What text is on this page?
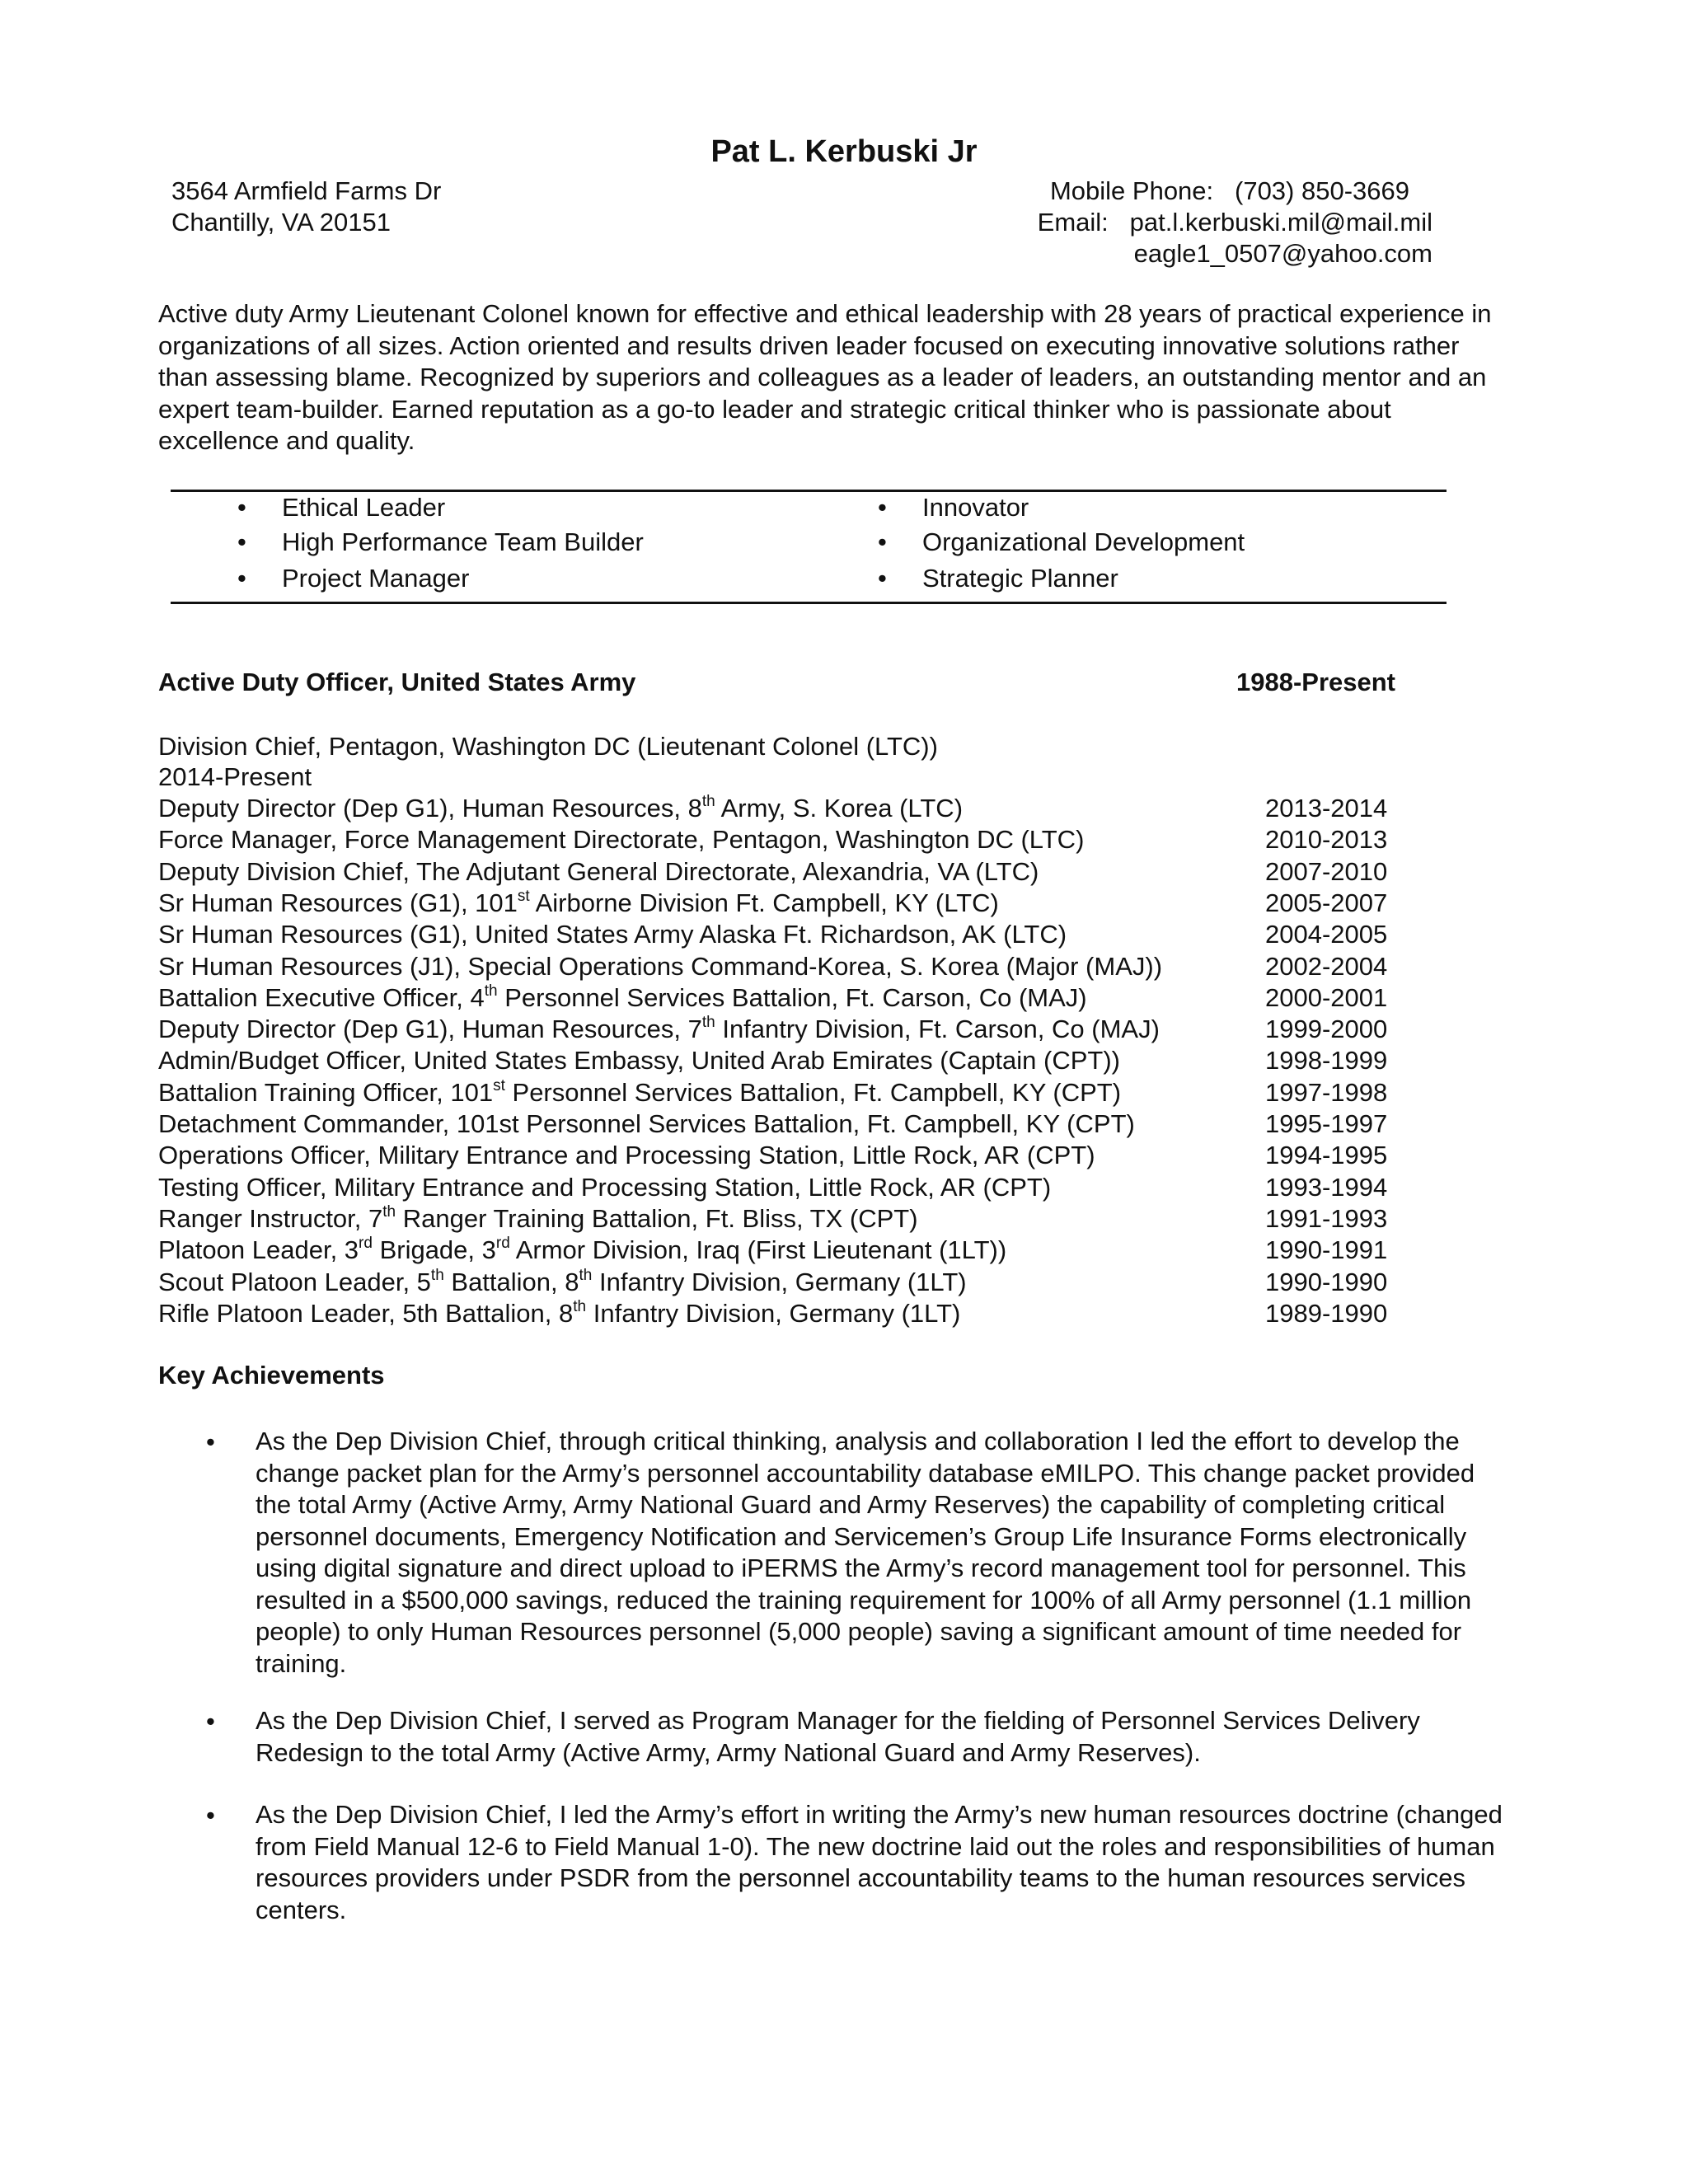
Pat L. Kerbuski Jr
3564 Armfield Farms Dr
Chantilly, VA 20151
Mobile Phone: (703) 850-3669
Email: pat.l.kerbuski.mil@mail.mil
eagle1_0507@yahoo.com
Active duty Army Lieutenant Colonel known for effective and ethical leadership with 28 years of practical experience in organizations of all sizes. Action oriented and results driven leader focused on executing innovative solutions rather than assessing blame. Recognized by superiors and colleagues as a leader of leaders, an outstanding mentor and an expert team-builder. Earned reputation as a go-to leader and strategic critical thinker who is passionate about excellence and quality.
• Ethical Leader
• High Performance Team Builder
• Project Manager
• Innovator
• Organizational Development
• Strategic Planner
Active Duty Officer, United States Army	1988-Present
Division Chief, Pentagon, Washington DC (Lieutenant Colonel (LTC))
2014-Present
Deputy Director (Dep G1), Human Resources, 8th Army, S. Korea (LTC)	2013-2014
Force Manager, Force Management Directorate, Pentagon, Washington DC (LTC)	2010-2013
Deputy Division Chief, The Adjutant General Directorate, Alexandria, VA (LTC)	2007-2010
Sr Human Resources (G1), 101st Airborne Division Ft. Campbell, KY (LTC)	2005-2007
Sr Human Resources (G1), United States Army Alaska Ft. Richardson, AK (LTC)	2004-2005
Sr Human Resources (J1), Special Operations Command-Korea, S. Korea (Major (MAJ))	2002-2004
Battalion Executive Officer, 4th Personnel Services Battalion, Ft. Carson, Co (MAJ)	2000-2001
Deputy Director (Dep G1), Human Resources, 7th Infantry Division, Ft. Carson, Co (MAJ)	1999-2000
Admin/Budget Officer, United States Embassy, United Arab Emirates (Captain (CPT))	1998-1999
Battalion Training Officer, 101st Personnel Services Battalion, Ft. Campbell, KY (CPT)	1997-1998
Detachment Commander, 101st Personnel Services Battalion, Ft. Campbell, KY (CPT)	1995-1997
Operations Officer, Military Entrance and Processing Station, Little Rock, AR (CPT)	1994-1995
Testing Officer, Military Entrance and Processing Station, Little Rock, AR (CPT)	1993-1994
Ranger Instructor, 7th Ranger Training Battalion, Ft. Bliss, TX (CPT)	1991-1993
Platoon Leader, 3rd Brigade, 3rd Armor Division, Iraq (First Lieutenant (1LT))	1990-1991
Scout Platoon Leader, 5th Battalion, 8th Infantry Division, Germany (1LT)	1990-1990
Rifle Platoon Leader, 5th Battalion, 8th Infantry Division, Germany (1LT)	1989-1990
Key Achievements
• As the Dep Division Chief, through critical thinking, analysis and collaboration I led the effort to develop the change packet plan for the Army’s personnel accountability database eMILPO. This change packet provided the total Army (Active Army, Army National Guard and Army Reserves) the capability of completing critical personnel documents, Emergency Notification and Servicemen’s Group Life Insurance Forms electronically using digital signature and direct upload to iPERMS the Army’s record management tool for personnel. This resulted in a $500,000 savings, reduced the training requirement for 100% of all Army personnel (1.1 million people) to only Human Resources personnel (5,000 people) saving a significant amount of time needed for training.
• As the Dep Division Chief, I served as Program Manager for the fielding of Personnel Services Delivery Redesign to the total Army (Active Army, Army National Guard and Army Reserves).
• As the Dep Division Chief, I led the Army’s effort in writing the Army’s new human resources doctrine (changed from Field Manual 12-6 to Field Manual 1-0). The new doctrine laid out the roles and responsibilities of human resources providers under PSDR from the personnel accountability teams to the human resources services centers.
